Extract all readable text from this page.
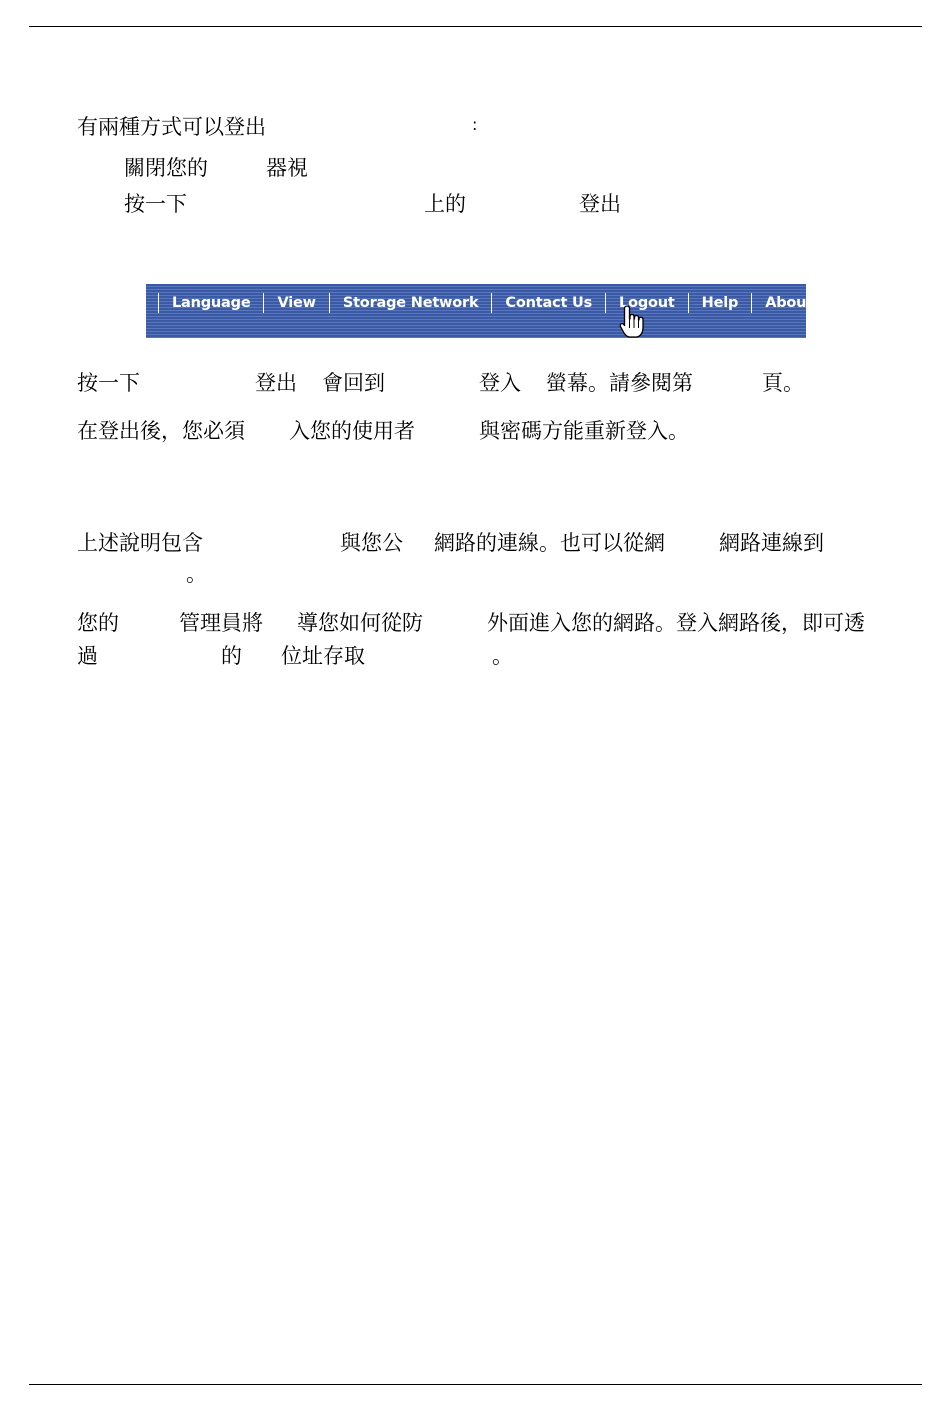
有兩種方式可以登出	:
關閉您的	器視
按一下	上的	登出
Language	View	Storage Network	Contact Us	Logout	Help	About
按一下	登出 會回到	登入 螢幕。請參閱第	頁。
在登出後，您必須 入您的使用者	與密碼方能重新登入。
上述說明包含	與您公 網路的連線。也可以從網	網路連線到
。
您的	管理員將 導您如何從防	外面進入您的網路。登入網路後，即可透
過	的 位址存取	。
